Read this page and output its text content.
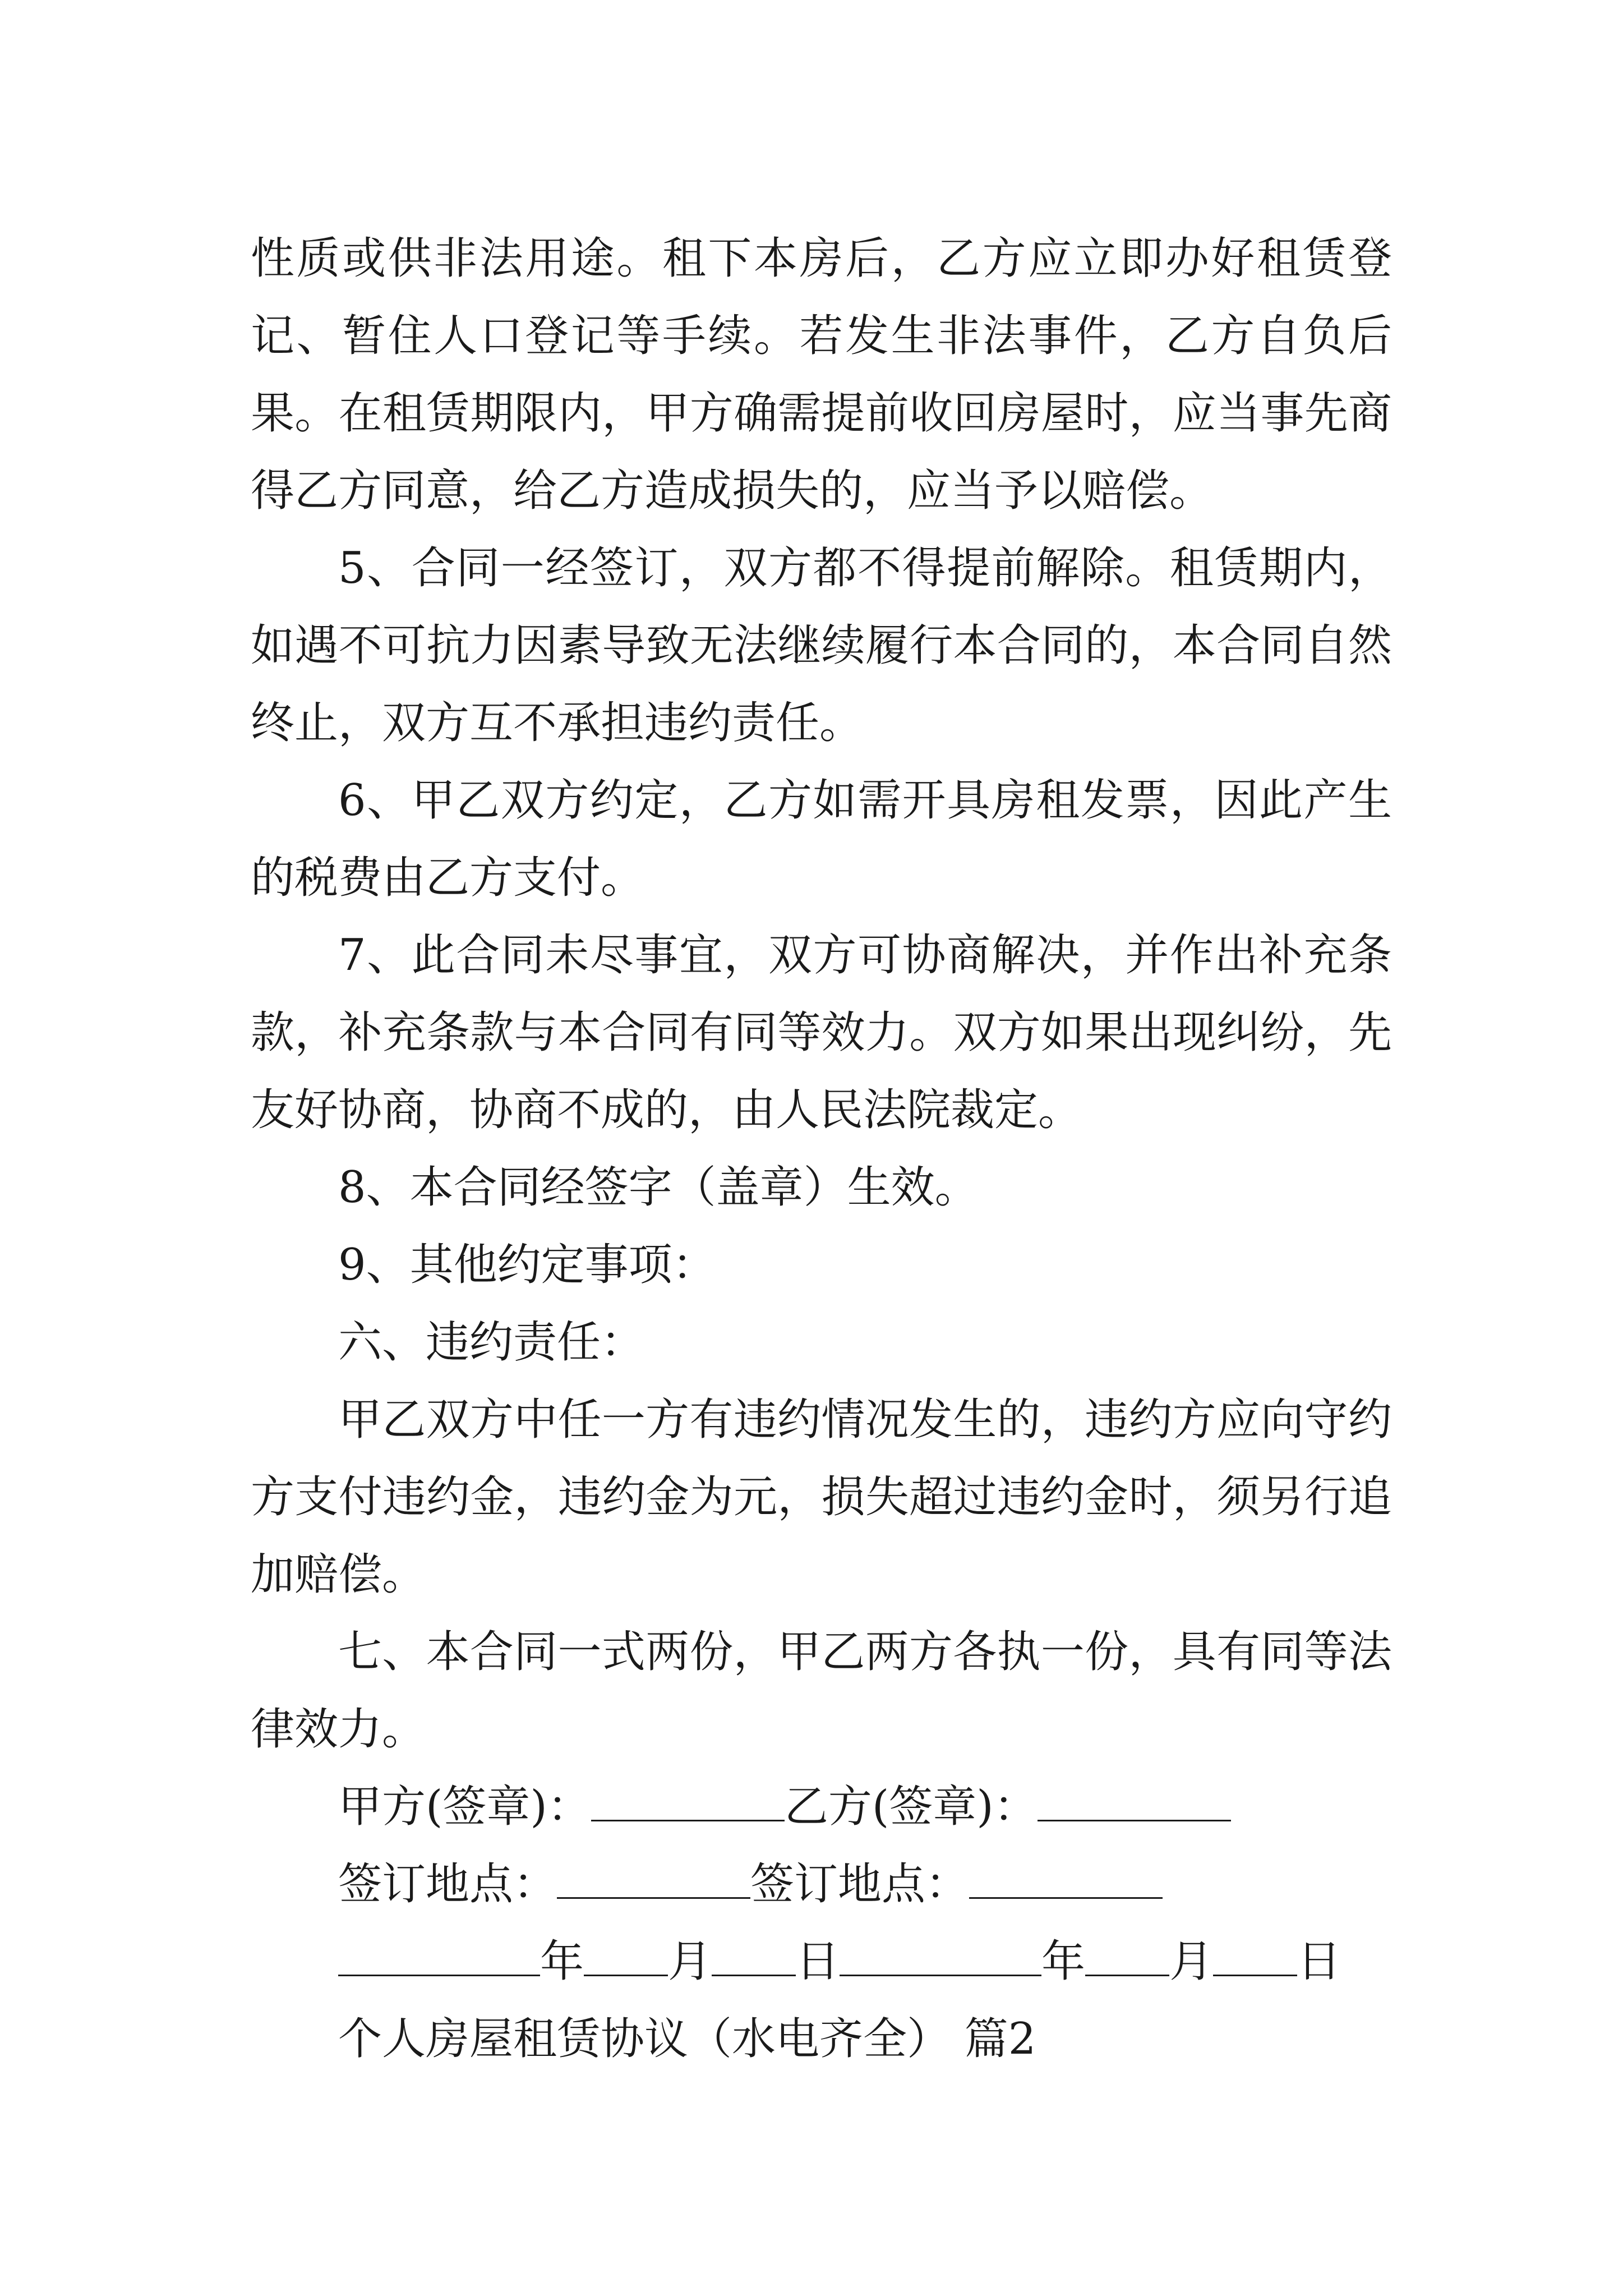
性质或供非法用途。租下本房后，乙方应立即办好租赁登记、暂住人口登记等手续。若发生非法事件，乙方自负后果。在租赁期限内，甲方确需提前收回房屋时，应当事先商得乙方同意，给乙方造成损失的，应当予以赔偿。

5、合同一经签订，双方都不得提前解除。租赁期内，如遇不可抗力因素导致无法继续履行本合同的，本合同自然终止，双方互不承担违约责任。

6、甲乙双方约定，乙方如需开具房租发票，因此产生的税费由乙方支付。

7、此合同未尽事宜，双方可协商解决，并作出补充条款，补充条款与本合同有同等效力。双方如果出现纠纷，先友好协商，协商不成的，由人民法院裁定。

8、本合同经签字（盖章）生效。

9、其他约定事项：

六、违约责任：

甲乙双方中任一方有违约情况发生的，违约方应向守约方支付违约金，违约金为元，损失超过违约金时，须另行追加赔偿。

七、本合同一式两份，甲乙两方各执一份，具有同等法律效力。

甲方(签章)：	乙方(签章)：

签订地点：	签订地点：

年 月 日	年 月 日

个人房屋租赁协议（水电齐全） 篇2
